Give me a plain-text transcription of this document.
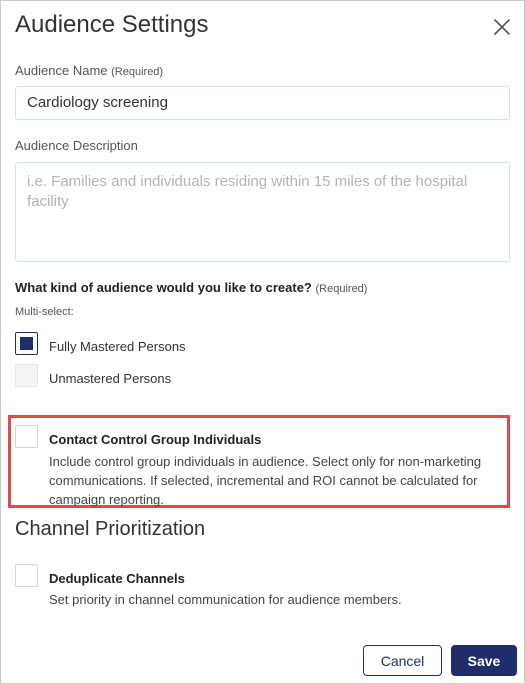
Audience Settings
Audience Name (Required)
Cardiology screening
Audience Description
i.e. Families and individuals residing within 15 miles of the hospital facility
What kind of audience would you like to create? (Required)
Multi-select:
Fully Mastered Persons
Unmastered Persons
Contact Control Group Individuals
Include control group individuals in audience. Select only for non-marketing communications. If selected, incremental and ROI cannot be calculated for campaign reporting.
Channel Prioritization
Deduplicate Channels
Set priority in channel communication for audience members.
Cancel	Save
